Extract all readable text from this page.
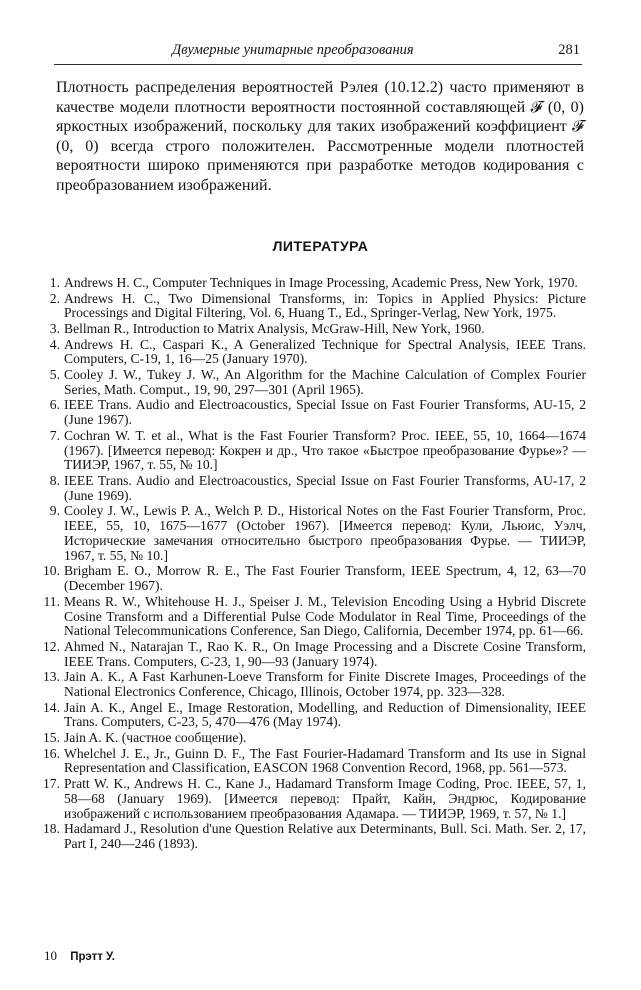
Двумерные унитарные преобразования	281

Плотность распределения вероятностей Рэлея (10.12.2) часто применяют в качестве модели плотности вероятности постоянной составляющей 𝓕 (0, 0) яркостных изображений, поскольку для таких изображений коэффициент 𝓕 (0, 0) всегда строго положителен. Рассмотренные модели плотностей вероятности широко применяются при разработке методов кодирования с преобразованием изображений.

ЛИТЕРАТУРА
1. Andrews H. C., Computer Techniques in Image Processing, Academic Press, New York, 1970.
2. Andrews H. C., Two Dimensional Transforms, in: Topics in Applied Physics: Picture Processings and Digital Filtering, Vol. 6, Huang T., Ed., Springer-Verlag, New York, 1975.
3. Bellman R., Introduction to Matrix Analysis, McGraw-Hill, New York, 1960.
4. Andrews H. C., Caspari K., A Generalized Technique for Spectral Analysis, IEEE Trans. Computers, C-19, 1, 16—25 (January 1970).
5. Cooley J. W., Tukey J. W., An Algorithm for the Machine Calculation of Complex Fourier Series, Math. Comput., 19, 90, 297—301 (April 1965).
6. IEEE Trans. Audio and Electroacoustics, Special Issue on Fast Fourier Transforms, AU-15, 2 (June 1967).
7. Cochran W. T. et al., What is the Fast Fourier Transform? Proc. IEEE, 55, 10, 1664—1674 (1967). [Имеется перевод: Кокрен и др., Что такое «Быстрое преобразование Фурье»? — ТИИЭР, 1967, т. 55, № 10.]
8. IEEE Trans. Audio and Electroacoustics, Special Issue on Fast Fourier Transforms, AU-17, 2 (June 1969).
9. Cooley J. W., Lewis P. A., Welch P. D., Historical Notes on the Fast Fourier Transform, Proc. IEEE, 55, 10, 1675—1677 (October 1967). [Имеется перевод: Кули, Льюис, Уэлч, Исторические замечания относительно быстрого преобразования Фурье. — ТИИЭР, 1967, т. 55, № 10.]
10. Brigham E. O., Morrow R. E., The Fast Fourier Transform, IEEE Spectrum, 4, 12, 63—70 (December 1967).
11. Means R. W., Whitehouse H. J., Speiser J. M., Television Encoding Using a Hybrid Discrete Cosine Transform and a Differential Pulse Code Modulator in Real Time, Proceedings of the National Telecommunications Conference, San Diego, California, December 1974, pp. 61—66.
12. Ahmed N., Natarajan T., Rao K. R., On Image Processing and a Discrete Cosine Transform, IEEE Trans. Computers, C-23, 1, 90—93 (January 1974).
13. Jain A. K., A Fast Karhunen-Loeve Transform for Finite Discrete Images, Proceedings of the National Electronics Conference, Chicago, Illinois, October 1974, pp. 323—328.
14. Jain A. K., Angel E., Image Restoration, Modelling, and Reduction of Dimensionality, IEEE Trans. Computers, C-23, 5, 470—476 (May 1974).
15. Jain A. K. (частное сообщение).
16. Whelchel J. E., Jr., Guinn D. F., The Fast Fourier-Hadamard Transform and Its use in Signal Representation and Classification, EASCON 1968 Convention Record, 1968, pp. 561—573.
17. Pratt W. K., Andrews H. C., Kane J., Hadamard Transform Image Coding, Proc. IEEE, 57, 1, 58—68 (January 1969). [Имеется перевод: Прайт, Кайн, Эндрюс, Кодирование изображений с использованием преобразования Адамара. — ТИИЭР, 1969, т. 57, № 1.]
18. Hadamard J., Resolution d'une Question Relative aux Determinants, Bull. Sci. Math. Ser. 2, 17, Part I, 240—246 (1893).
10 Прэтт У.
